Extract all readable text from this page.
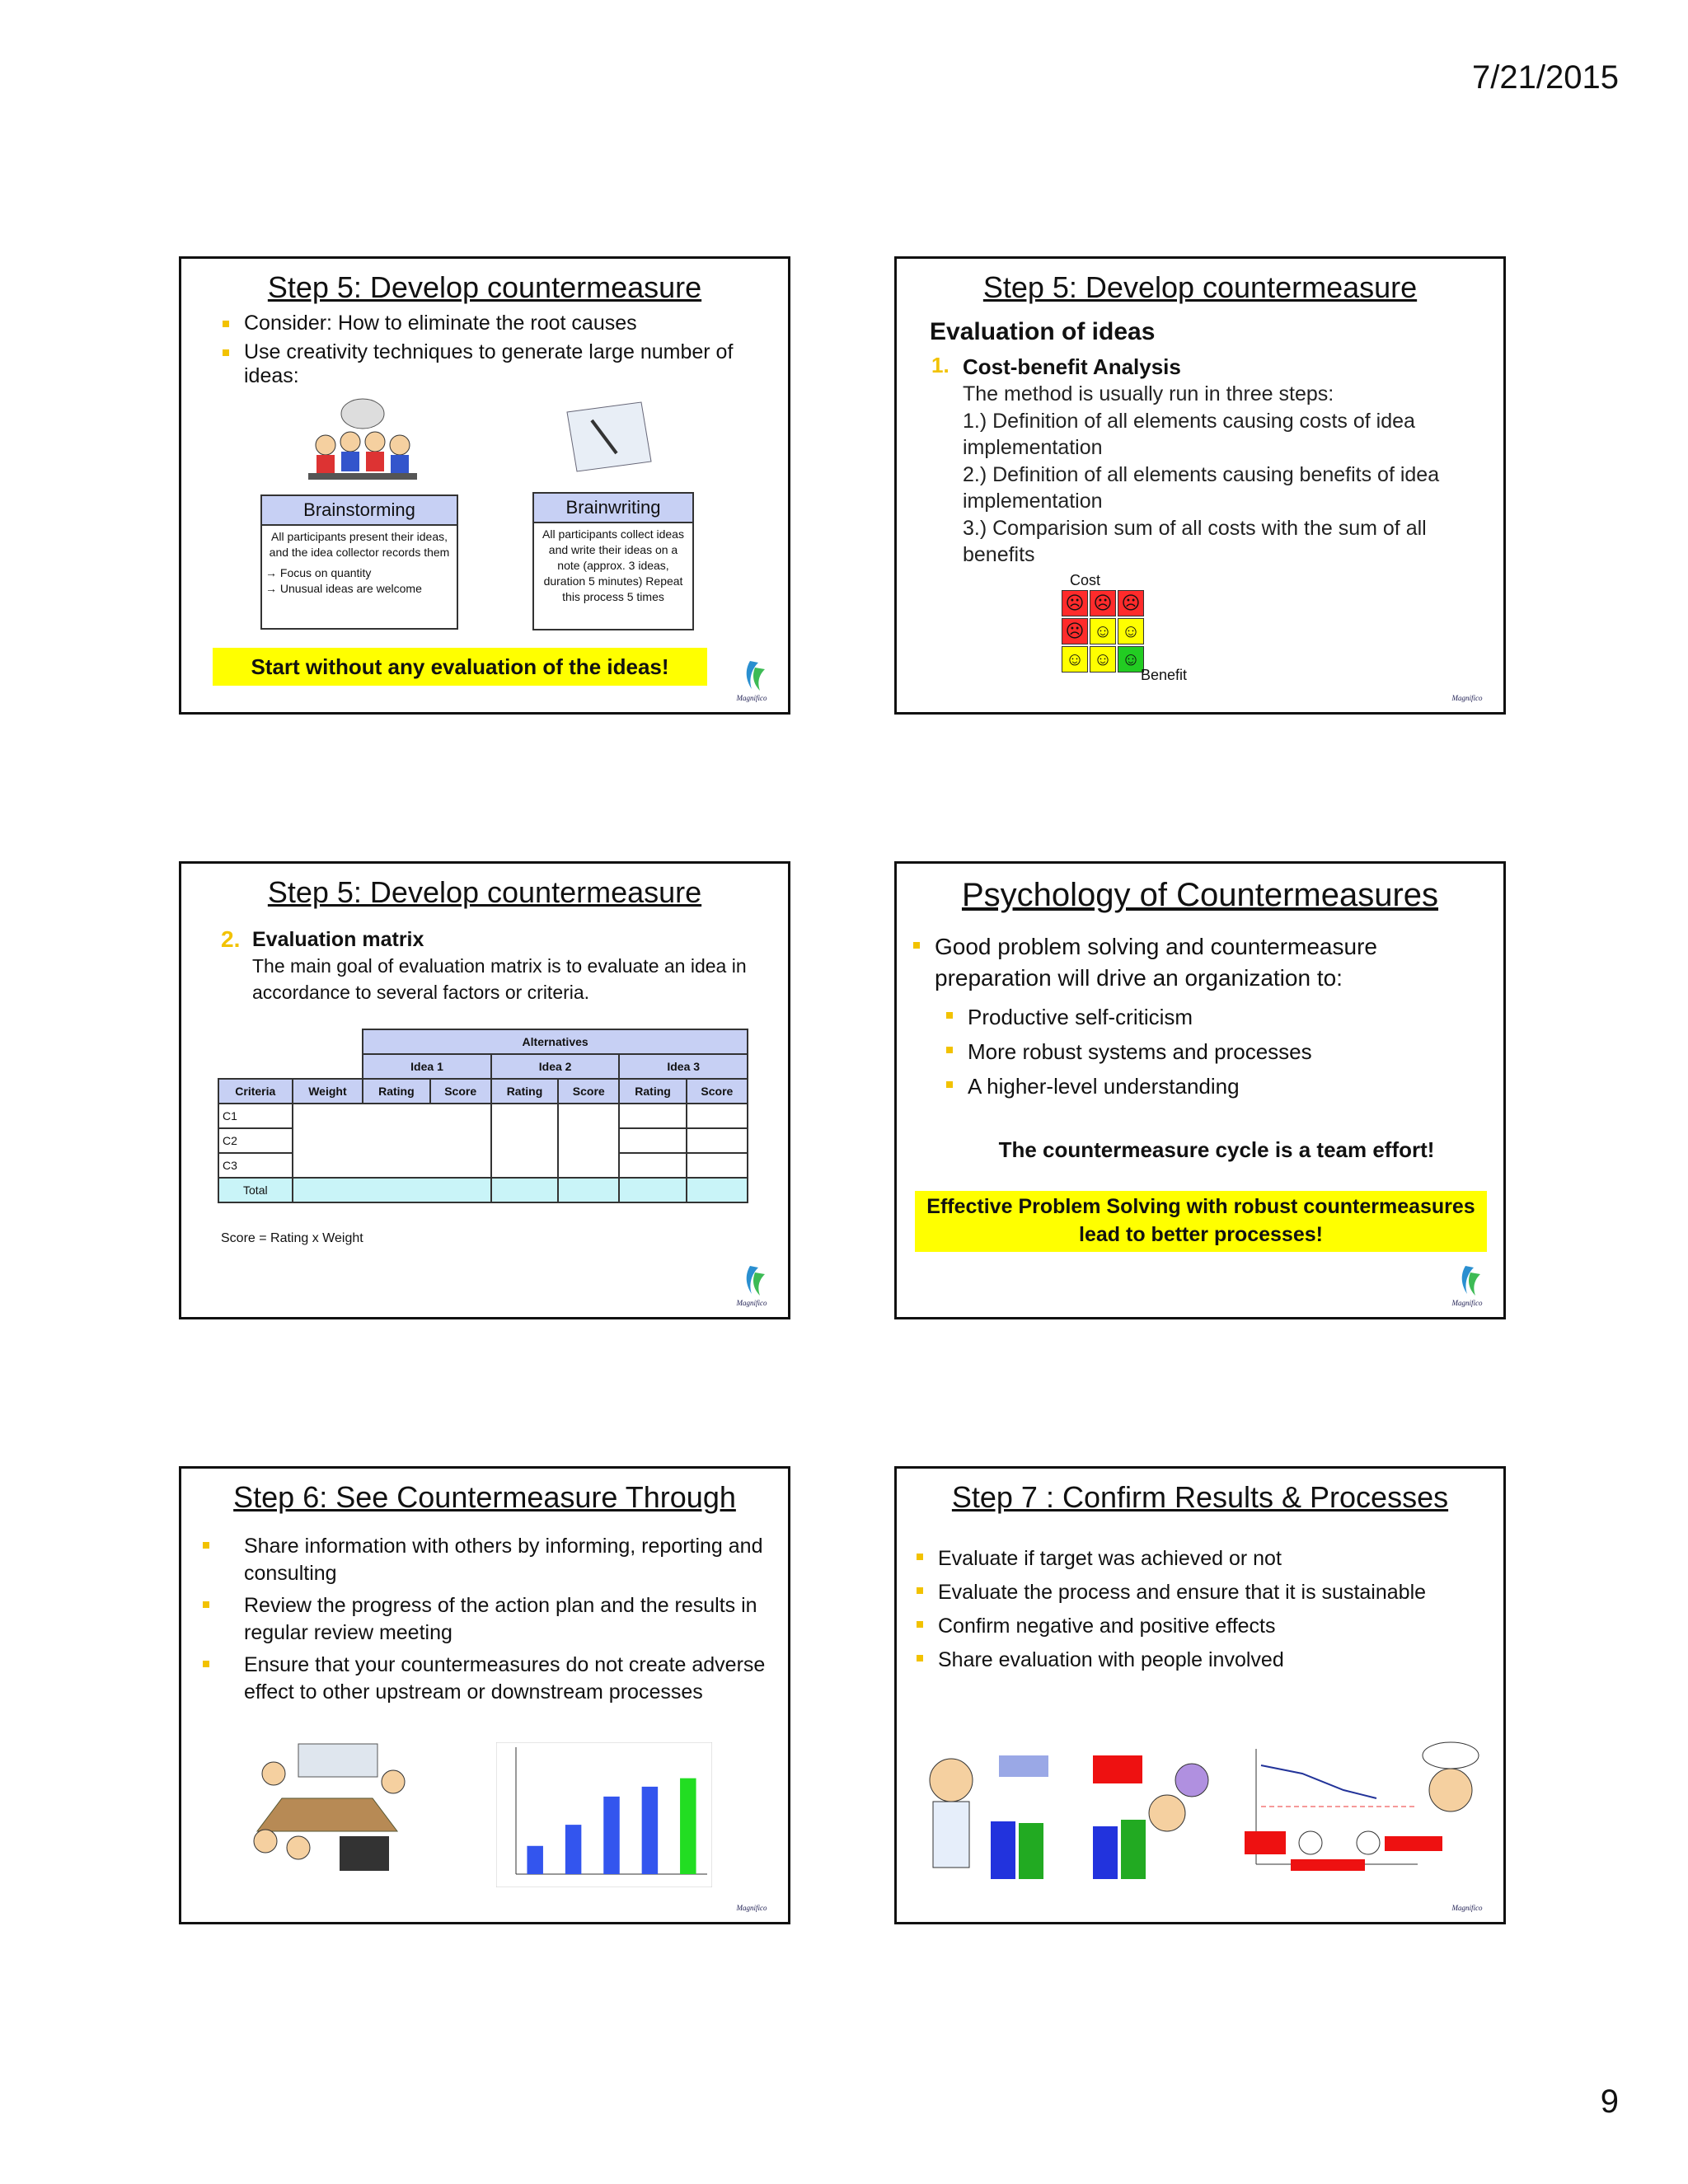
7/21/2015
Step 5: Develop countermeasure
Consider: How to eliminate the root causes
Use creativity techniques to generate large number of ideas:
Brainstorming
All participants present their ideas, and the idea collector records them
→ Focus on quantity
→ Unusual ideas are welcome
Brainwriting
All participants collect ideas and write their ideas on a note (approx. 3 ideas, duration 5 minutes) Repeat this process 5 times
Start without any evaluation of the ideas!
Magnifico
Step 5: Develop countermeasure
Evaluation of ideas
1. Cost-benefit Analysis
The method is usually run in three steps:
1.) Definition of all elements causing costs of idea implementation
2.) Definition of all elements causing benefits of idea implementation
3.) Comparision sum of all costs with the sum of all benefits
Cost
☹ ☹ ☹
☹ ☺ ☺
☺ ☺ ☺
Benefit
Magnifico
Step 5: Develop countermeasure
2. Evaluation matrix
The main goal of evaluation matrix is to evaluate an idea in accordance to several factors or criteria.
		Alternatives					
		Idea 1		Idea 2		Idea 3	
Criteria	Weight	Rating	Score	Rating	Score	Rating	Score
C1							
C2							
C3							
Total							
Score = Rating x Weight
Magnifico
Psychology of Countermeasures
Good problem solving and countermeasure preparation will drive an organization to:
Productive self-criticism
More robust systems and processes
A higher-level understanding
The countermeasure cycle is a team effort!
Effective Problem Solving with robust countermeasures lead to better processes!
Magnifico
Step 6: See Countermeasure Through
Share information with others by informing, reporting and consulting
Review the progress of the action plan and the results in regular review meeting
Ensure that your countermeasures do not create adverse effect to other upstream or downstream processes
Magnifico
Step 7 : Confirm Results & Processes
Evaluate if target was achieved or not
Evaluate the process and ensure that it is sustainable
Confirm negative and positive effects
Share evaluation with people involved
Magnifico
9
